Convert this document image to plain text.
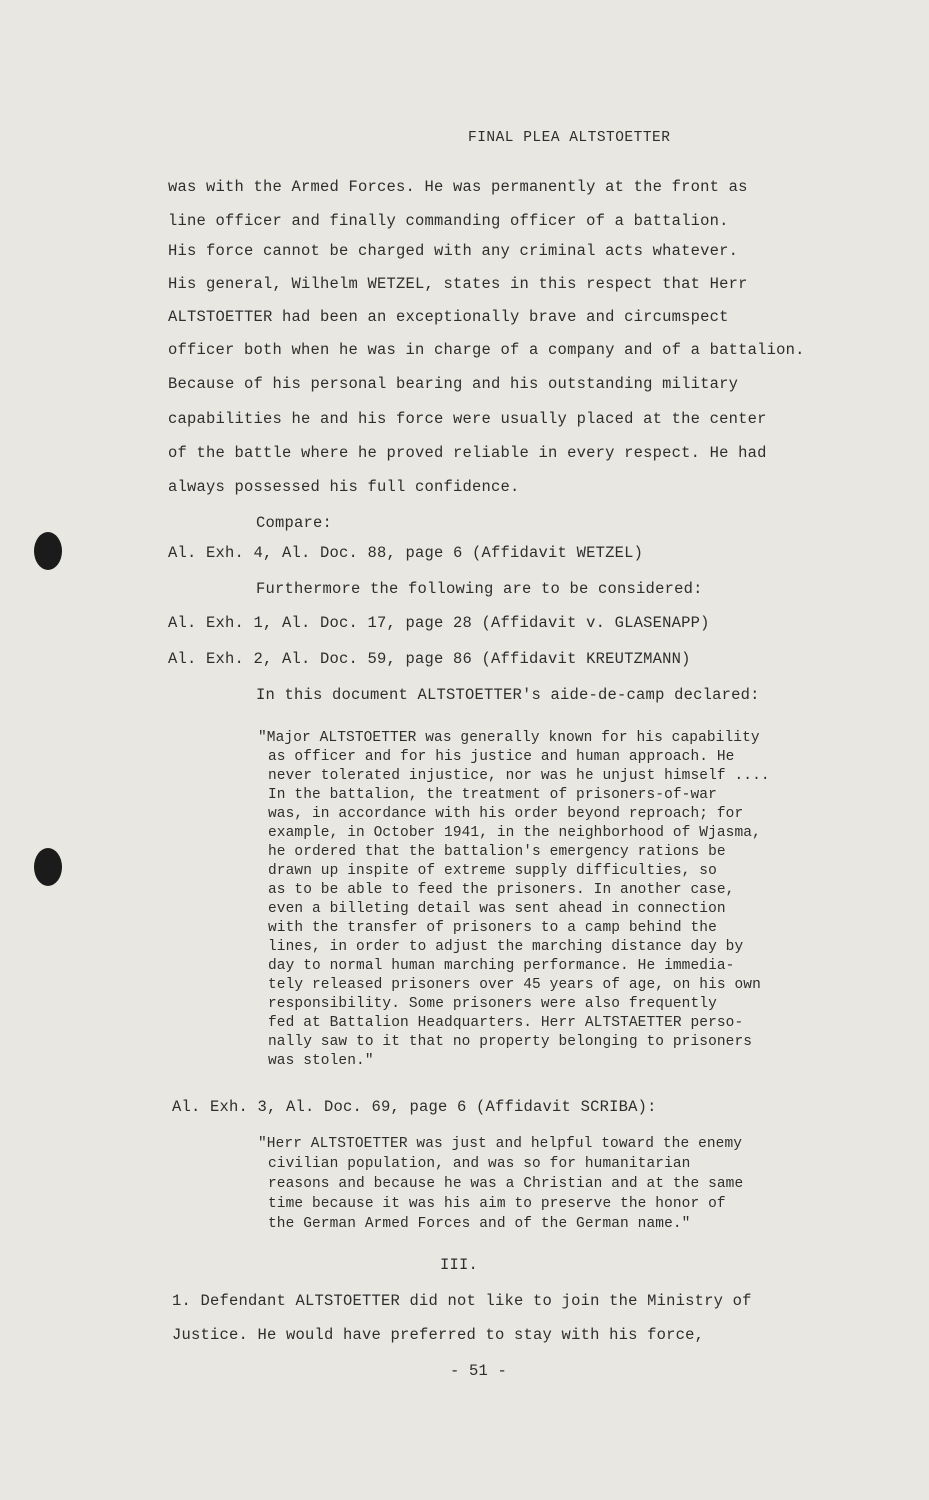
FINAL PLEA ALTSTOETTER
was with the Armed Forces. He was permanently at the front as
line officer and finally commanding officer of a battalion.
His force cannot be charged with any criminal acts whatever.
His general, Wilhelm WETZEL, states in this respect that Herr
ALTSTOETTER had been an exceptionally brave and circumspect
officer both when he was in charge of a company and of a battalion.
Because of his personal bearing and his outstanding military
capabilities he and his force were usually placed at the center
of the battle where he proved reliable in every respect. He had
always possessed his full confidence.
Compare:
Al. Exh. 4, Al. Doc. 88, page 6 (Affidavit WETZEL)
Furthermore the following are to be considered:
Al. Exh. 1, Al. Doc. 17, page 28 (Affidavit v. GLASENAPP)
Al. Exh. 2, Al. Doc. 59, page 86 (Affidavit KREUTZMANN)
In this document ALTSTOETTER's aide-de-camp declared:
"Major ALTSTOETTER was generally known for his capability
as officer and for his justice and human approach. He
never tolerated injustice, nor was he unjust himself ....
In the battalion, the treatment of prisoners-of-war
was, in accordance with his order beyond reproach; for
example, in October 1941, in the neighborhood of Wjasma,
he ordered that the battalion's emergency rations be
drawn up inspite of extreme supply difficulties, so
as to be able to feed the prisoners. In another case,
even a billeting detail was sent ahead in connection
with the transfer of prisoners to a camp behind the
lines, in order to adjust the marching distance day by
day to normal human marching performance. He immedia-
tely released prisoners over 45 years of age, on his own
responsibility. Some prisoners were also frequently
fed at Battalion Headquarters. Herr ALTSTAETTER perso-
nally saw to it that no property belonging to prisoners
was stolen."
Al. Exh. 3, Al. Doc. 69, page 6 (Affidavit SCRIBA):
"Herr ALTSTOETTER was just and helpful toward the enemy
civilian population, and was so for humanitarian
reasons and because he was a Christian and at the same
time because it was his aim to preserve the honor of
the German Armed Forces and of the German name."
III.
1. Defendant ALTSTOETTER did not like to join the Ministry of
Justice. He would have preferred to stay with his force,
- 51 -
